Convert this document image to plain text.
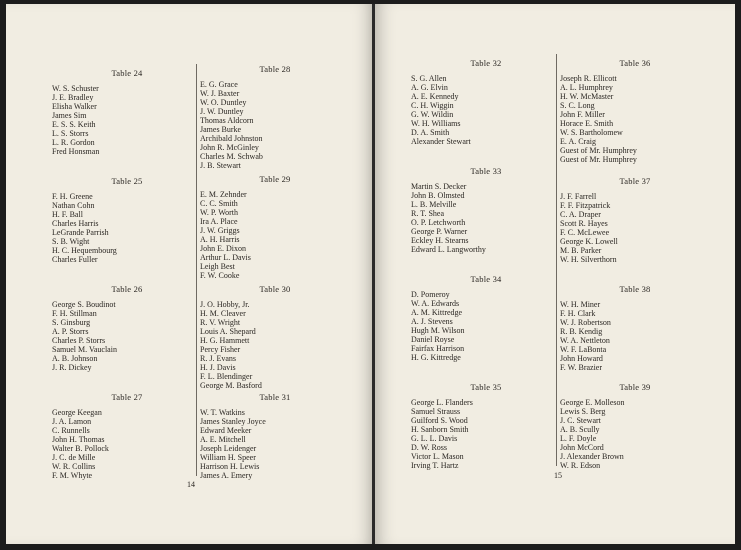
Table 24
W. S. Schuster
J. E. Bradley
Elisha Walker
James Sim
E. S. S. Keith
L. S. Storrs
L. R. Gordon
Fred Honsman
Table 25
F. H. Greene
Nathan Cohn
H. F. Ball
Charles Harris
LeGrande Parrish
S. B. Wight
H. C. Hequembourg
Charles Fuller
Table 26
George S. Boudinot
F. H. Stillman
S. Ginsburg
A. P. Storrs
Charles P. Storrs
Samuel M. Vauclain
A. B. Johnson
J. R. Dickey
Table 27
George Keegan
J. A. Lamon
C. Runnells
John H. Thomas
Walter B. Pollock
J. C. de Mille
W. R. Collins
F. M. Whyte
Table 28
E. G. Grace
W. J. Baxter
W. O. Duntley
J. W. Duntley
Thomas Aldcorn
James Burke
Archibald Johnston
John R. McGinley
Charles M. Schwab
J. B. Stewart
Table 29
E. M. Zehnder
C. C. Smith
W. P. Worth
Ira A. Place
J. W. Griggs
A. H. Harris
John E. Dixon
Arthur L. Davis
Leigh Best
F. W. Cooke
Table 30
J. O. Hobby, Jr.
H. M. Cleaver
R. V. Wright
Louis A. Shepard
H. G. Hammett
Percy Fisher
R. J. Evans
H. J. Davis
F. L. Blendinger
George M. Basford
Table 31
W. T. Watkins
James Stanley Joyce
Edward Meeker
A. E. Mitchell
Joseph Leidenger
William H. Speer
Harrison H. Lewis
James A. Emery
14
Table 32
S. G. Allen
A. G. Elvin
A. E. Kennedy
C. H. Wiggin
G. W. Wildin
W. H. Williams
D. A. Smith
Alexander Stewart
Table 33
Martin S. Decker
John B. Olmsted
L. B. Melville
R. T. Shea
O. P. Letchworth
George P. Warner
Eckley H. Stearns
Edward L. Langworthy
Table 34
D. Pomeroy
W. A. Edwards
A. M. Kittredge
A. J. Stevens
Hugh M. Wilson
Daniel Royse
Fairfax Harrison
H. G. Kittredge
Table 35
George L. Flanders
Samuel Strauss
Guilford S. Wood
H. Sanborn Smith
G. L. L. Davis
D. W. Ross
Victor L. Mason
Irving T. Hartz
Table 36
Joseph R. Ellicott
A. L. Humphrey
H. W. McMaster
S. C. Long
John F. Miller
Horace E. Smith
W. S. Bartholomew
E. A. Craig
Guest of Mr. Humphrey
Guest of Mr. Humphrey
Table 37
J. F. Farrell
F. F. Fitzpatrick
C. A. Draper
Scott R. Hayes
F. C. McLewee
George K. Lowell
M. B. Parker
W. H. Silverthorn
Table 38
W. H. Miner
F. H. Clark
W. J. Robertson
R. B. Kendig
W. A. Nettleton
W. F. LaBonta
John Howard
F. W. Brazier
Table 39
George E. Molleson
Lewis S. Berg
J. C. Stewart
A. B. Scully
L. F. Doyle
John McCord
J. Alexander Brown
W. R. Edson
15
